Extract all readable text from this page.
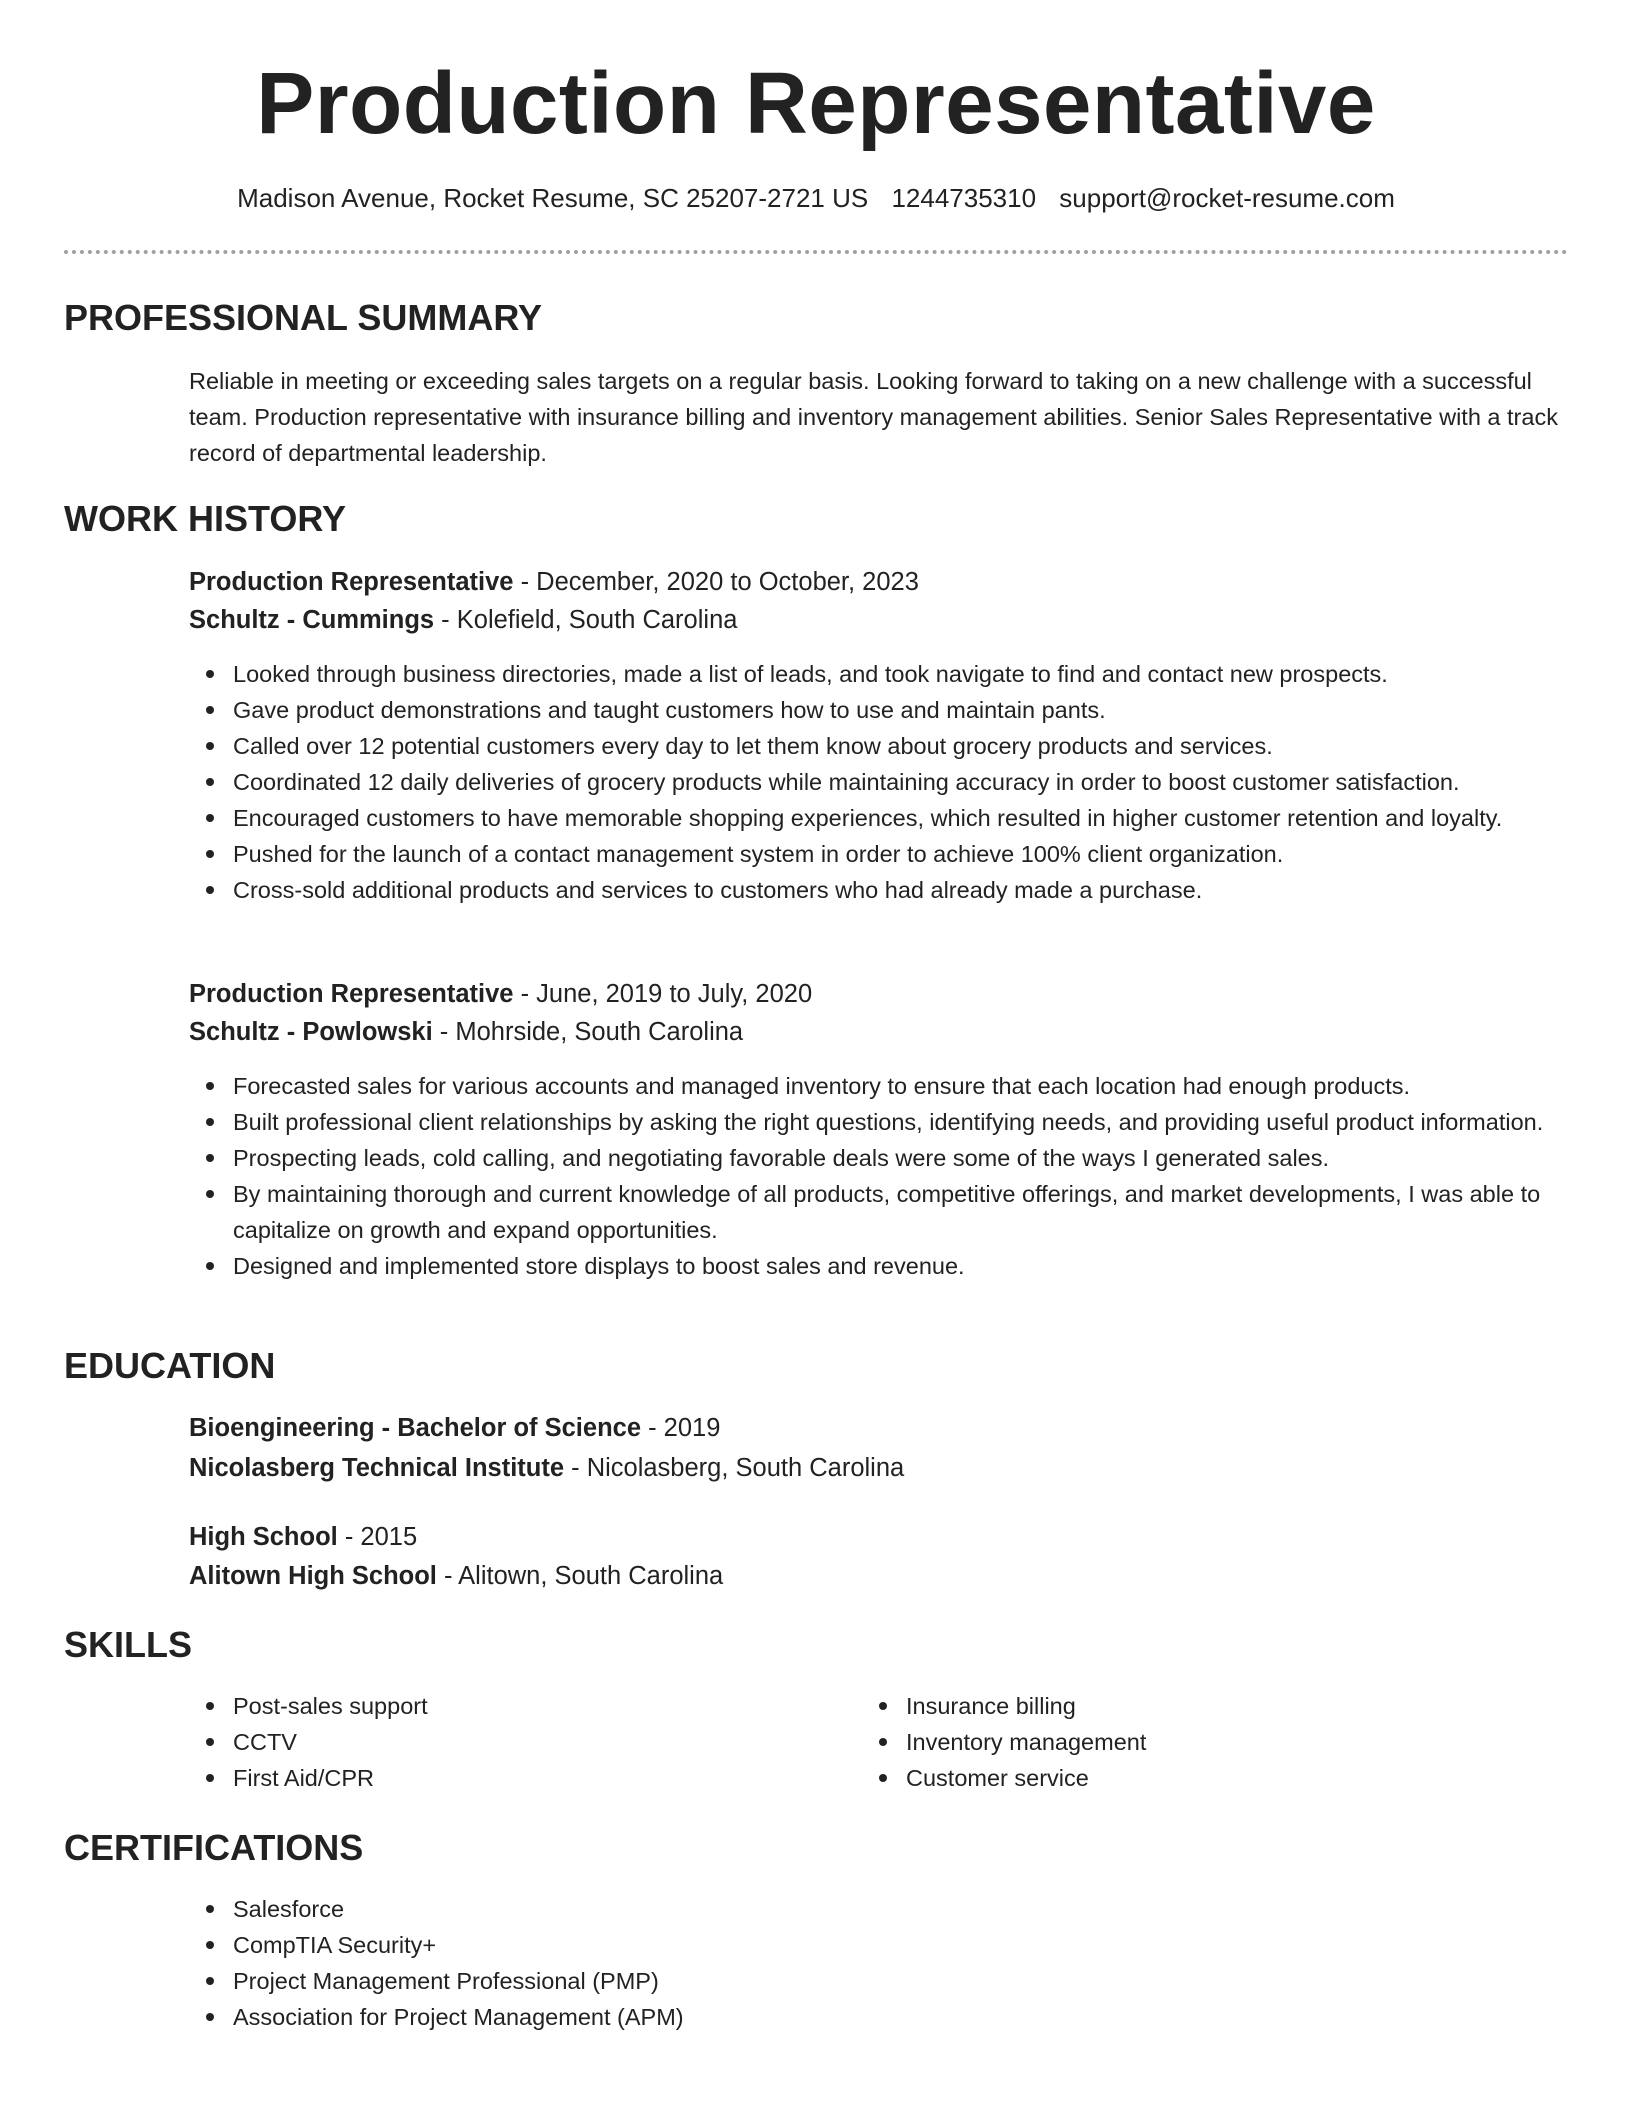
Production Representative
Madison Avenue, Rocket Resume, SC 25207-2721 US 1244735310 support@rocket-resume.com
PROFESSIONAL SUMMARY
Reliable in meeting or exceeding sales targets on a regular basis. Looking forward to taking on a new challenge with a successful team. Production representative with insurance billing and inventory management abilities. Senior Sales Representative with a track record of departmental leadership.
WORK HISTORY
Production Representative - December, 2020 to October, 2023
Schultz - Cummings - Kolefield, South Carolina
Looked through business directories, made a list of leads, and took navigate to find and contact new prospects.
Gave product demonstrations and taught customers how to use and maintain pants.
Called over 12 potential customers every day to let them know about grocery products and services.
Coordinated 12 daily deliveries of grocery products while maintaining accuracy in order to boost customer satisfaction.
Encouraged customers to have memorable shopping experiences, which resulted in higher customer retention and loyalty.
Pushed for the launch of a contact management system in order to achieve 100% client organization.
Cross-sold additional products and services to customers who had already made a purchase.
Production Representative - June, 2019 to July, 2020
Schultz - Powlowski - Mohrside, South Carolina
Forecasted sales for various accounts and managed inventory to ensure that each location had enough products.
Built professional client relationships by asking the right questions, identifying needs, and providing useful product information.
Prospecting leads, cold calling, and negotiating favorable deals were some of the ways I generated sales.
By maintaining thorough and current knowledge of all products, competitive offerings, and market developments, I was able to capitalize on growth and expand opportunities.
Designed and implemented store displays to boost sales and revenue.
EDUCATION
Bioengineering - Bachelor of Science - 2019
Nicolasberg Technical Institute - Nicolasberg, South Carolina
High School - 2015
Alitown High School - Alitown, South Carolina
SKILLS
Post-sales support
CCTV
First Aid/CPR
Insurance billing
Inventory management
Customer service
CERTIFICATIONS
Salesforce
CompTIA Security+
Project Management Professional (PMP)
Association for Project Management (APM)
